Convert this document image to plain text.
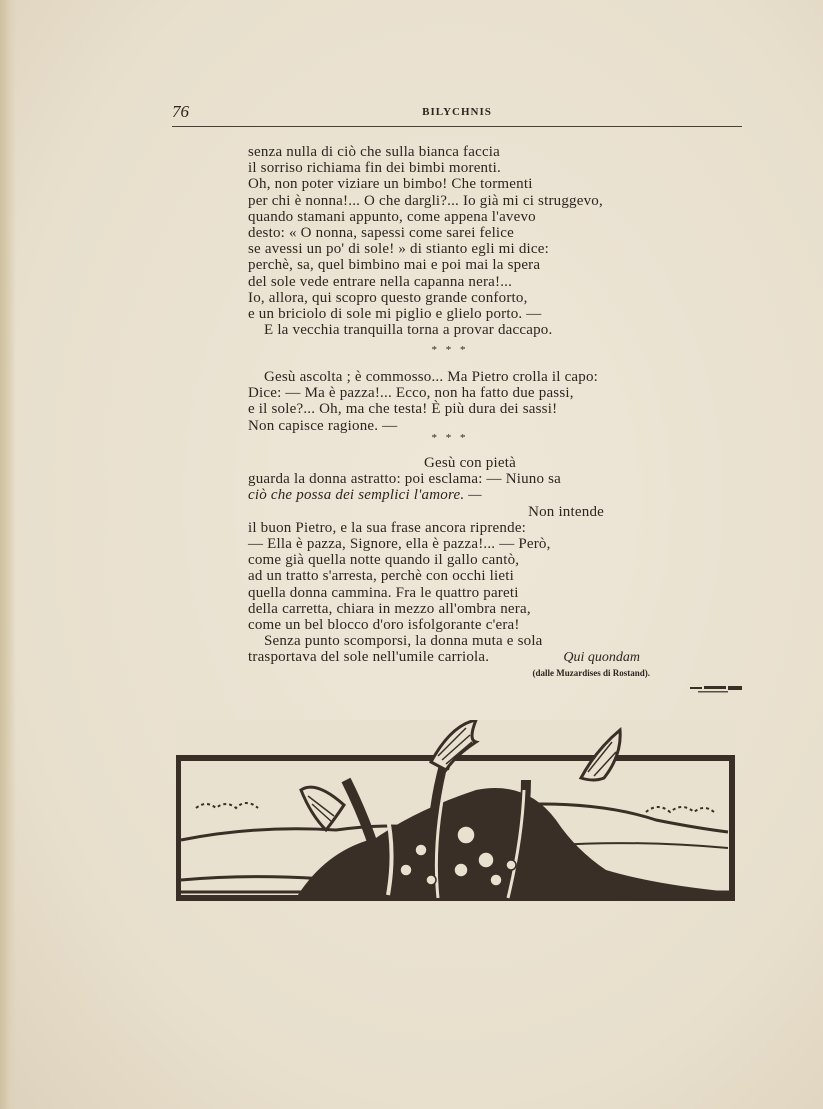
76	BILYCHNIS
senza nulla di ciò che sulla bianca faccia
il sorriso richiama fin dei bimbi morenti.
Oh, non poter viziare un bimbo! Che tormenti
per chi è nonna!... O che dargli?... Io già mi ci struggevo,
quando stamani appunto, come appena l'avevo
desto: « O nonna, sapessi come sarei felice
se avessi un po' di sole! » di stianto egli mi dice:
perchè, sa, quel bimbino mai e poi mai la spera
del sole vede entrare nella capanna nera!...
Io, allora, qui scopro questo grande conforto,
e un briciolo di sole mi piglio e glielo porto. —
E la vecchia tranquilla torna a provar daccapo.
* * *
Gesù ascolta ; è commosso... Ma Pietro crolla il capo:
Dice: — Ma è pazza!... Ecco, non ha fatto due passi,
e il sole?... Oh, ma che testa! È più dura dei sassi!
Non capisce ragione. —
* * *
Gesù con pietà
guarda la donna astratto: poi esclama: — Niuno sa
ciò che possa dei semplici l'amore. —
Non intende
il buon Pietro, e la sua frase ancora riprende:
— Ella è pazza, Signore, ella è pazza!... — Però,
come già quella notte quando il gallo cantò,
ad un tratto s'arresta, perchè con occhi lieti
quella donna cammina. Fra le quattro pareti
della carretta, chiara in mezzo all'ombra nera,
come un bel blocco d'oro isfolgorante c'era!
Senza punto scomporsi, la donna muta e sola
trasportava del sole nell'umile carriola.	Qui quondam
(dalle Muzardises di Rostand).
